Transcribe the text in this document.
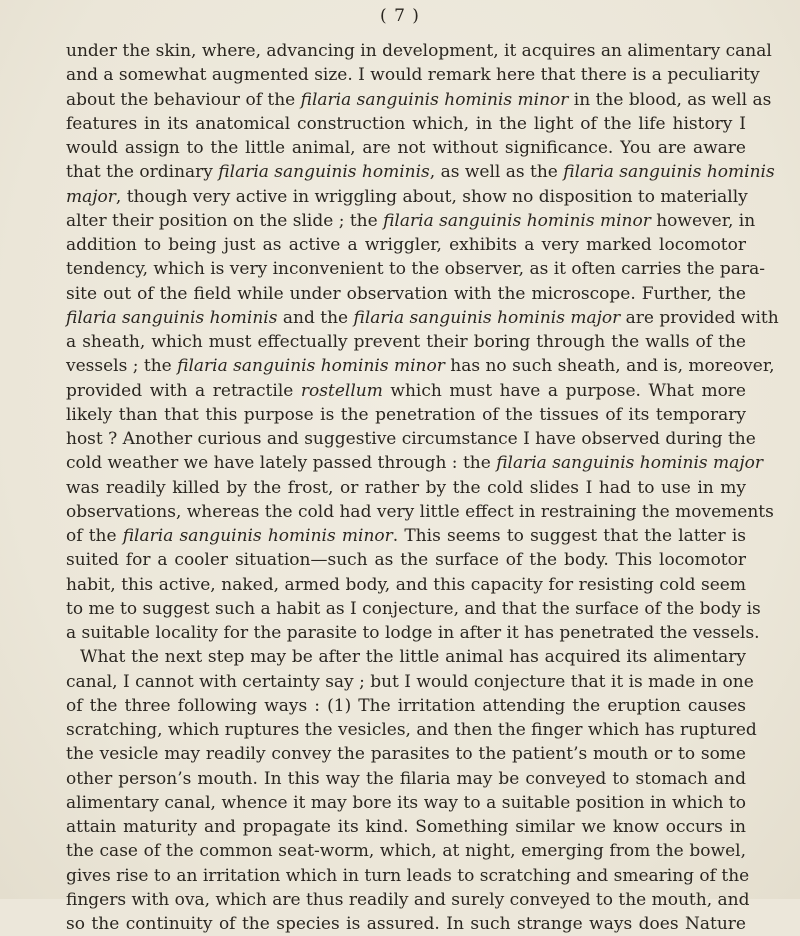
( 7 )
under the skin, where, advancing in development, it acquires an alimentary canal
and a somewhat augmented size. I would remark here that there is a peculiarity
about the behaviour of the filaria sanguinis hominis minor in the blood, as well as
features in its anatomical construction which, in the light of the life history I
would assign to the little animal, are not without significance. You are aware
that the ordinary filaria sanguinis hominis, as well as the filaria sanguinis hominis
major, though very active in wriggling about, show no disposition to materially
alter their position on the slide ; the filaria sanguinis hominis minor however, in
addition to being just as active a wriggler, exhibits a very marked locomotor
tendency, which is very inconvenient to the observer, as it often carries the para-
site out of the field while under observation with the microscope. Further, the
filaria sanguinis hominis and the filaria sanguinis hominis major are provided with
a sheath, which must effectually prevent their boring through the walls of the
vessels ; the filaria sanguinis hominis minor has no such sheath, and is, moreover,
provided with a retractile rostellum which must have a purpose. What more
likely than that this purpose is the penetration of the tissues of its temporary
host ? Another curious and suggestive circumstance I have observed during the
cold weather we have lately passed through : the filaria sanguinis hominis major
was readily killed by the frost, or rather by the cold slides I had to use in my
observations, whereas the cold had very little effect in restraining the movements
of the filaria sanguinis hominis minor. This seems to suggest that the latter is
suited for a cooler situation—such as the surface of the body. This locomotor
habit, this active, naked, armed body, and this capacity for resisting cold seem
to me to suggest such a habit as I conjecture, and that the surface of the body is
a suitable locality for the parasite to lodge in after it has penetrated the vessels.
What the next step may be after the little animal has acquired its alimentary
canal, I cannot with certainty say ; but I would conjecture that it is made in one
of the three following ways : (1) The irritation attending the eruption causes
scratching, which ruptures the vesicles, and then the finger which has ruptured
the vesicle may readily convey the parasites to the patient’s mouth or to some
other person’s mouth. In this way the filaria may be conveyed to stomach and
alimentary canal, whence it may bore its way to a suitable position in which to
attain maturity and propagate its kind. Something similar we know occurs in
the case of the common seat-worm, which, at night, emerging from the bowel,
gives rise to an irritation which in turn leads to scratching and smearing of the
fingers with ova, which are thus readily and surely conveyed to the mouth, and
so the continuity of the species is assured. In such strange ways does Nature
